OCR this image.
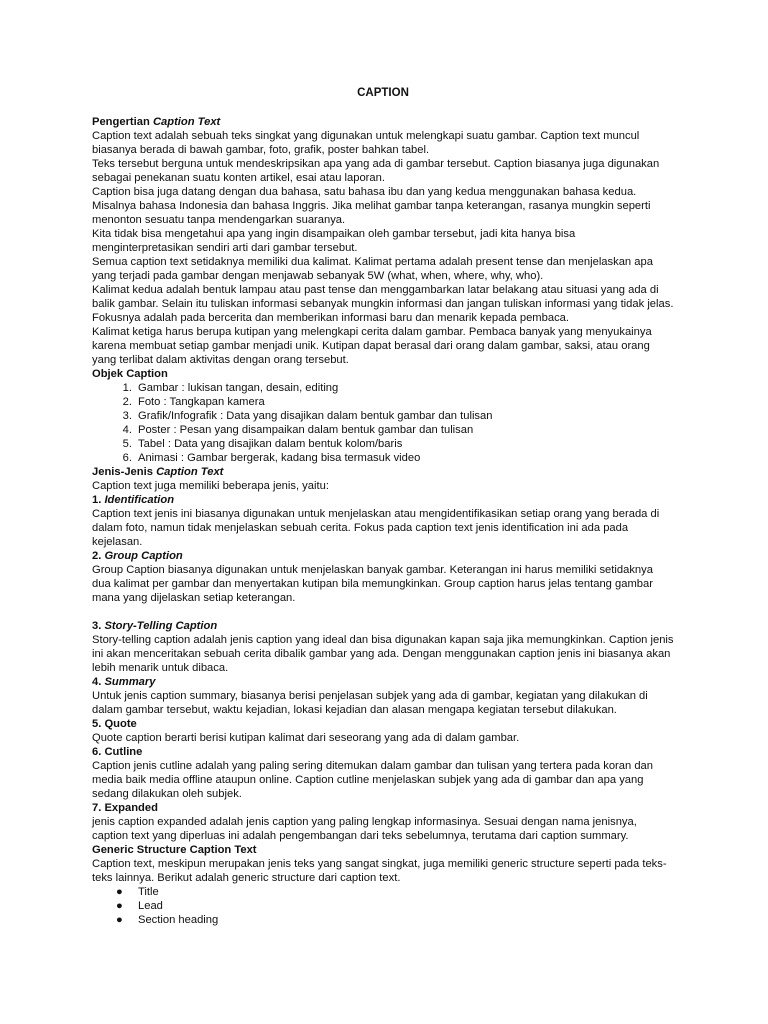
CAPTION

Pengertian Caption Text

Caption text adalah sebuah teks singkat yang digunakan untuk melengkapi suatu gambar. Caption text muncul biasanya berada di bawah gambar, foto, grafik, poster bahkan tabel.

Teks tersebut berguna untuk mendeskripsikan apa yang ada di gambar tersebut. Caption biasanya juga digunakan sebagai penekanan suatu konten artikel, esai atau laporan.

Caption bisa juga datang dengan dua bahasa, satu bahasa ibu dan yang kedua menggunakan bahasa kedua. Misalnya bahasa Indonesia dan bahasa Inggris. Jika melihat gambar tanpa keterangan, rasanya mungkin seperti menonton sesuatu tanpa mendengarkan suaranya.

Kita tidak bisa mengetahui apa yang ingin disampaikan oleh gambar tersebut, jadi kita hanya bisa menginterpretasikan sendiri arti dari gambar tersebut.

Semua caption text setidaknya memiliki dua kalimat. Kalimat pertama adalah present tense dan menjelaskan apa yang terjadi pada gambar dengan menjawab sebanyak 5W (what, when, where, why, who).

Kalimat kedua adalah bentuk lampau atau past tense dan menggambarkan latar belakang atau situasi yang ada di balik gambar. Selain itu tuliskan informasi sebanyak mungkin informasi dan jangan tuliskan informasi yang tidak jelas. Fokusnya adalah pada bercerita dan memberikan informasi baru dan menarik kepada pembaca.

Kalimat ketiga harus berupa kutipan yang melengkapi cerita dalam gambar. Pembaca banyak yang menyukainya karena membuat setiap gambar menjadi unik. Kutipan dapat berasal dari orang dalam gambar, saksi, atau orang yang terlibat dalam aktivitas dengan orang tersebut.

Objek Caption

1. Gambar : lukisan tangan, desain, editing
2. Foto : Tangkapan kamera
3. Grafik/Infografik : Data yang disajikan dalam bentuk gambar dan tulisan
4. Poster : Pesan yang disampaikan dalam bentuk gambar dan tulisan
5. Tabel : Data yang disajikan dalam bentuk kolom/baris
6. Animasi : Gambar bergerak, kadang bisa termasuk video

Jenis-Jenis Caption Text

Caption text juga memiliki beberapa jenis, yaitu:

1. Identification

Caption text jenis ini biasanya digunakan untuk menjelaskan atau mengidentifikasikan setiap orang yang berada di dalam foto, namun tidak menjelaskan sebuah cerita. Fokus pada caption text jenis identification ini ada pada kejelasan.

2. Group Caption

Group Caption biasanya digunakan untuk menjelaskan banyak gambar. Keterangan ini harus memiliki setidaknya dua kalimat per gambar dan menyertakan kutipan bila memungkinkan. Group caption harus jelas tentang gambar mana yang dijelaskan setiap keterangan.

3. Story-Telling Caption

Story-telling caption adalah jenis caption yang ideal dan bisa digunakan kapan saja jika memungkinkan. Caption jenis ini akan menceritakan sebuah cerita dibalik gambar yang ada. Dengan menggunakan caption jenis ini biasanya akan lebih menarik untuk dibaca.

4. Summary

Untuk jenis caption summary, biasanya berisi penjelasan subjek yang ada di gambar, kegiatan yang dilakukan di dalam gambar tersebut, waktu kejadian, lokasi kejadian dan alasan mengapa kegiatan tersebut dilakukan.

5. Quote

Quote caption berarti berisi kutipan kalimat dari seseorang yang ada di dalam gambar.

6. Cutline

Caption jenis cutline adalah yang paling sering ditemukan dalam gambar dan tulisan yang tertera pada koran dan media baik media offline ataupun online. Caption cutline menjelaskan subjek yang ada di gambar dan apa yang sedang dilakukan oleh subjek.

7. Expanded

jenis caption expanded adalah jenis caption yang paling lengkap informasinya. Sesuai dengan nama jenisnya, caption text yang diperluas ini adalah pengembangan dari teks sebelumnya, terutama dari caption summary.

Generic Structure Caption Text

Caption text, meskipun merupakan jenis teks yang sangat singkat, juga memiliki generic structure seperti pada teks-teks lainnya. Berikut adalah generic structure dari caption text.

● Title
● Lead
● Section heading
